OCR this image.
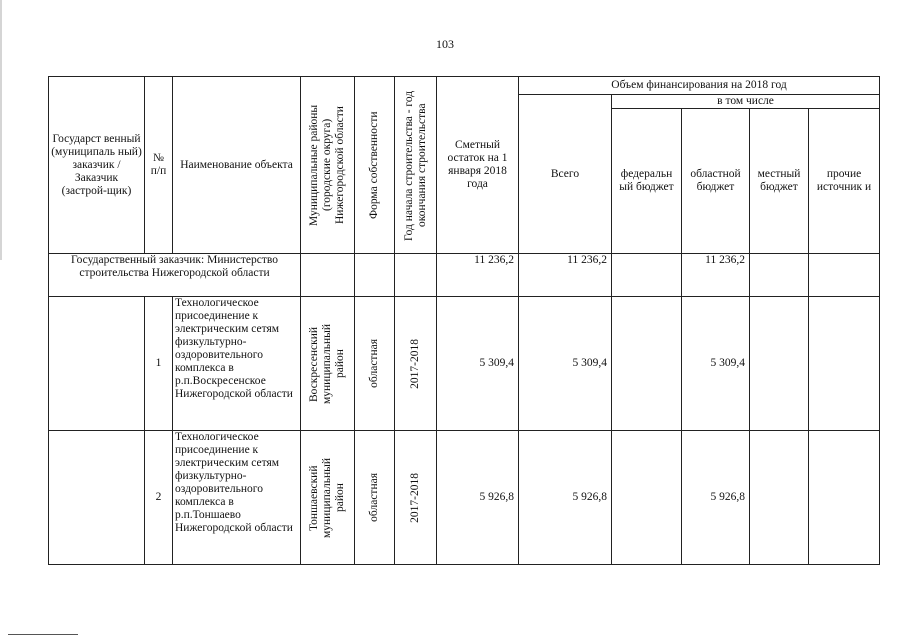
103
Государст венный (муниципаль ный) заказчик / Заказчик (застрой-щик)	№ п/п	Наименование объекта	Муниципальные районы (городские округа) Нижегородской области	Форма собственности	Год начала строительства - год окончания строительства	Сметный остаток на 1 января 2018 года	Объем финансирования на 2018 год				
							Всего	в том числе			
								федеральн ый бюджет	областной бюджет	местный бюджет	прочие источник и
Государственный заказчик: Министерство строительства Нижегородской области						11 236,2	11 236,2		11 236,2		
	1	Технологическое присоединение к электрическим сетям физкультурно-оздоровительного комплекса в р.п.Воскресенское Нижегородской области	Воскресенский муниципальный район	областная	2017-2018	5 309,4	5 309,4		5 309,4		
	2	Технологическое присоединение к электрическим сетям физкультурно-оздоровительного комплекса в р.п.Тоншаево Нижегородской области	Тоншаевский муниципальный район	областная	2017-2018	5 926,8	5 926,8		5 926,8		
